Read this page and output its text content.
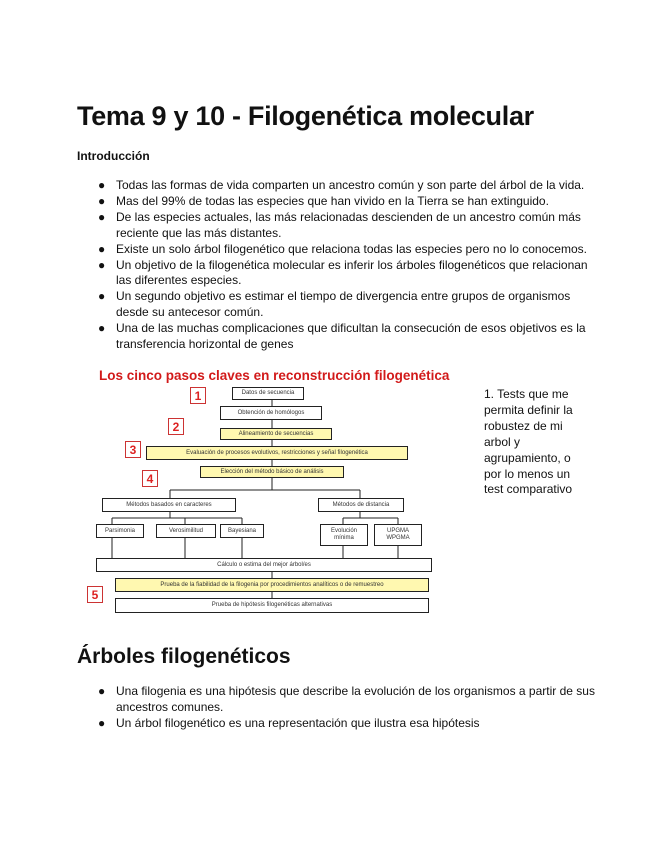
Tema 9 y 10 - Filogenética molecular
Introducción
● Todas las formas de vida comparten un ancestro común y son parte del árbol de la vida.
● Mas del 99% de todas las especies que han vivido en la Tierra se han extinguido.
● De las especies actuales, las más relacionadas descienden de un ancestro común más reciente que las más distantes.
● Existe un solo árbol filogenético que relaciona todas las especies pero no lo conocemos.
● Un objetivo de la filogenética molecular es inferir los árboles filogenéticos que relacionan las diferentes especies.
● Un segundo objetivo es estimar el tiempo de divergencia entre grupos de organismos desde su antecesor común.
● Una de las muchas complicaciones que dificultan la consecución de esos objetivos es la transferencia horizontal de genes
Los cinco pasos claves en reconstrucción filogenética
Datos de secuencia
Obtención de homólogos
Alineamiento de secuencias
Evaluación de procesos evolutivos, restricciones y señal filogenética
Elección del método básico de análisis
Métodos basados en caracteres	Métodos de distancia
Parsimonia	Verosimilitud	Bayesiana	Evolución mínima
UPGMA WPGMA
Cálculo o estima del mejor árbol/es
Prueba de la fiabilidad de la filogenia por procedimientos analíticos o de remuestreo
Prueba de hipótesis filogenéticas alternativas
1
2
3
4
5
1. Tests que me permita definir la robustez de mi arbol y agrupamiento, o por lo menos un test comparativo
Árboles filogenéticos
● Una filogenia es una hipótesis que describe la evolución de los organismos a partir de sus ancestros comunes.
● Un árbol filogenético es una representación que ilustra esa hipótesis
